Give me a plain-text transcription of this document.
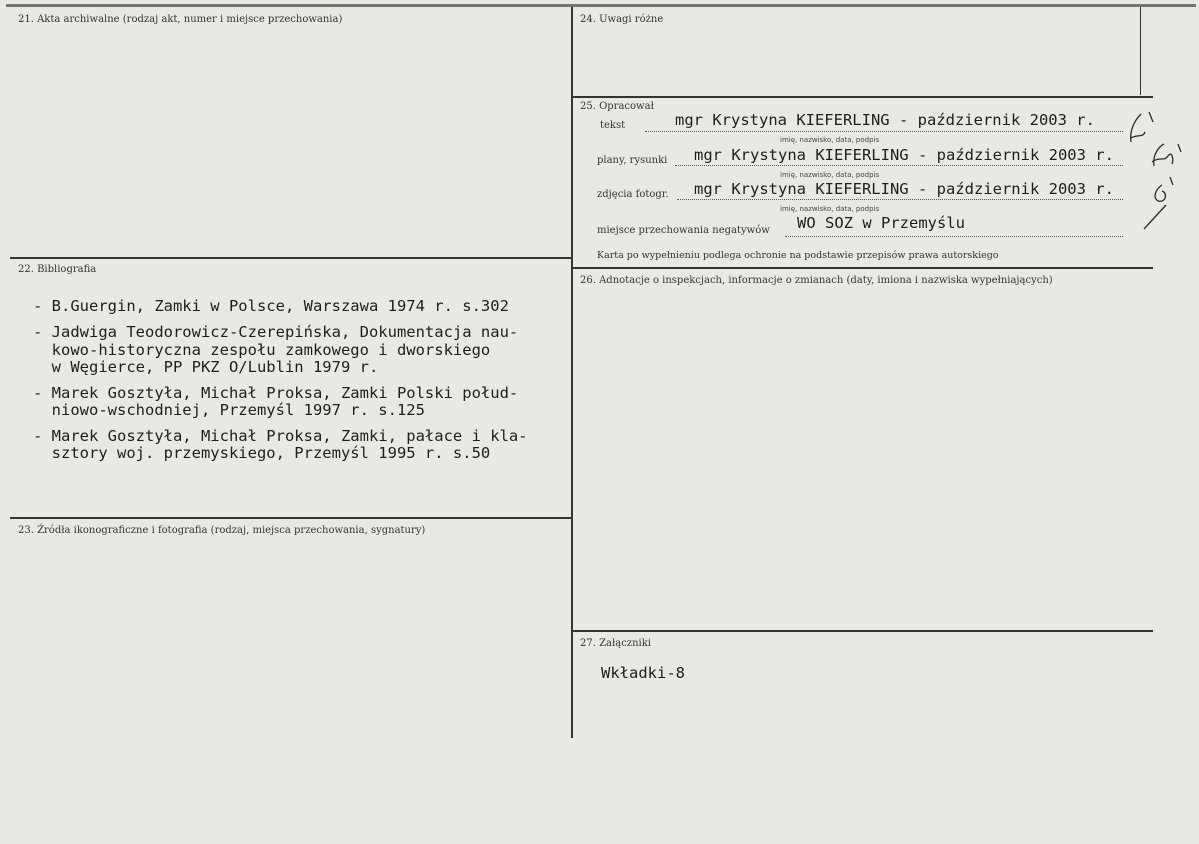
21. Akta archiwalne (rodzaj akt, numer i miejsce przechowania)	24. Uwagi różne
25. Opracował
tekst	mgr Krystyna KIEFERLING - październik 2003 r.
imię, nazwisko, data, podpis
plany, rysunki mgr Krystyna KIEFERLING - październik 2003 r.
imię, nazwisko, data, podpis
zdjęcia fotogr. mgr Krystyna KIEFERLING - październik 2003 r.
imię, nazwisko, data, podpis
miejsce przechowania negatywów WO SOZ w Przemyślu
Karta po wypełnieniu podlega ochronie na podstawie przepisów prawa autorskiego
22. Bibliografia
- B.Guergin, Zamki w Polsce, Warszawa 1974 r. s.302
- Jadwiga Teodorowicz-Czerepińska, Dokumentacja nau-
kowo-historyczna zespołu zamkowego i dworskiego
w Węgierce, PP PKZ O/Lublin 1979 r.
- Marek Gosztyła, Michał Proksa, Zamki Polski połud-
niowo-wschodniej, Przemyśl 1997 r. s.125
- Marek Gosztyła, Michał Proksa, Zamki, pałace i kla-
sztory woj. przemyskiego, Przemyśl 1995 r. s.50
26. Adnotacje o inspekcjach, informacje o zmianach (daty, imiona i nazwiska wypełniających)
23. Źródła ikonograficzne i fotografia (rodzaj, miejsca przechowania, sygnatury)
27. Załączniki
Wkładki-8
